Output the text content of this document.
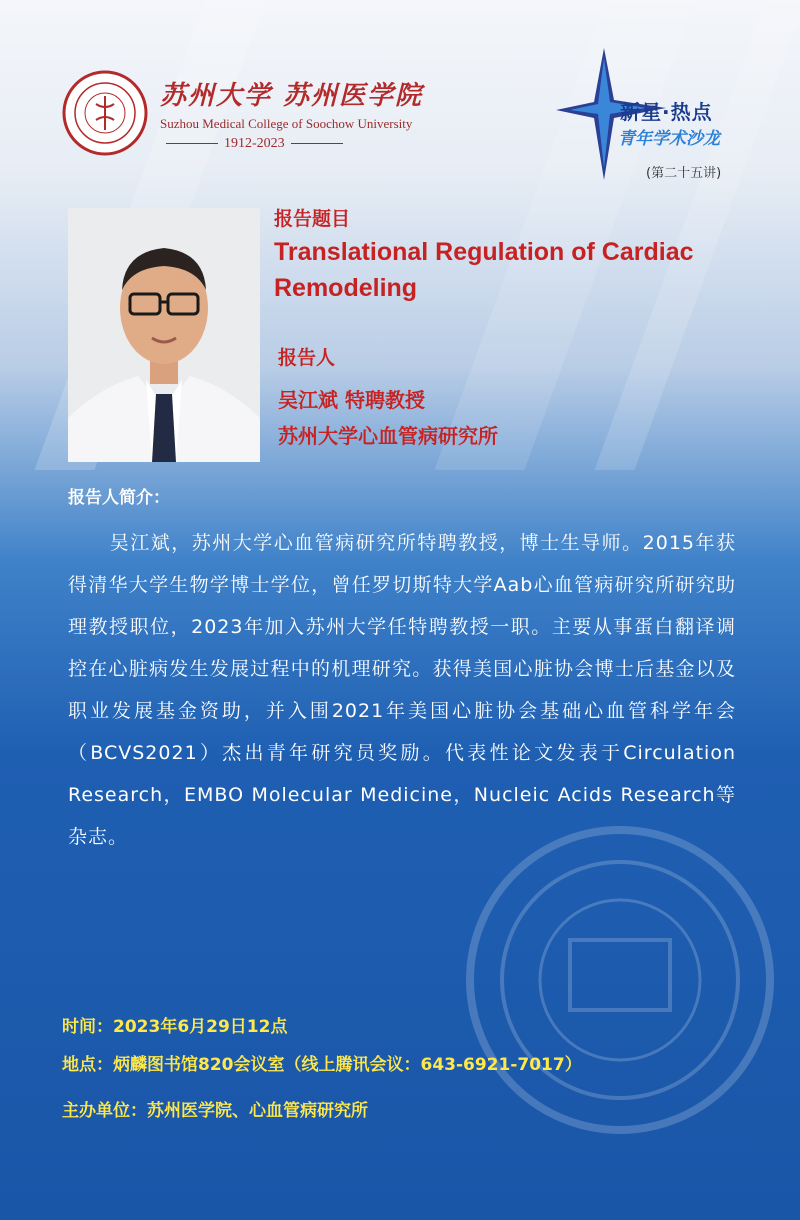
苏州大学 苏州医学院
Suzhou Medical College of Soochow University
1912-2023
新星·热点
青年学术沙龙
(第二十五讲)
报告题目
Translational Regulation of Cardiac Remodeling
报告人
吴江斌 特聘教授
苏州大学心血管病研究所
报告人简介：

吴江斌，苏州大学心血管病研究所特聘教授，博士生导师。2015年获得清华大学生物学博士学位，曾任罗切斯特大学Aab心血管病研究所研究助理教授职位，2023年加入苏州大学任特聘教授一职。主要从事蛋白翻译调控在心脏病发生发展过程中的机理研究。获得美国心脏协会博士后基金以及职业发展基金资助，并入围2021年美国心脏协会基础心血管科学年会（BCVS2021）杰出青年研究员奖励。代表性论文发表于Circulation Research，EMBO Molecular Medicine，Nucleic Acids Research等杂志。

时间：2023年6月29日12点
地点：炳麟图书馆820会议室（线上腾讯会议：643-6921-7017）
主办单位：苏州医学院、心血管病研究所
